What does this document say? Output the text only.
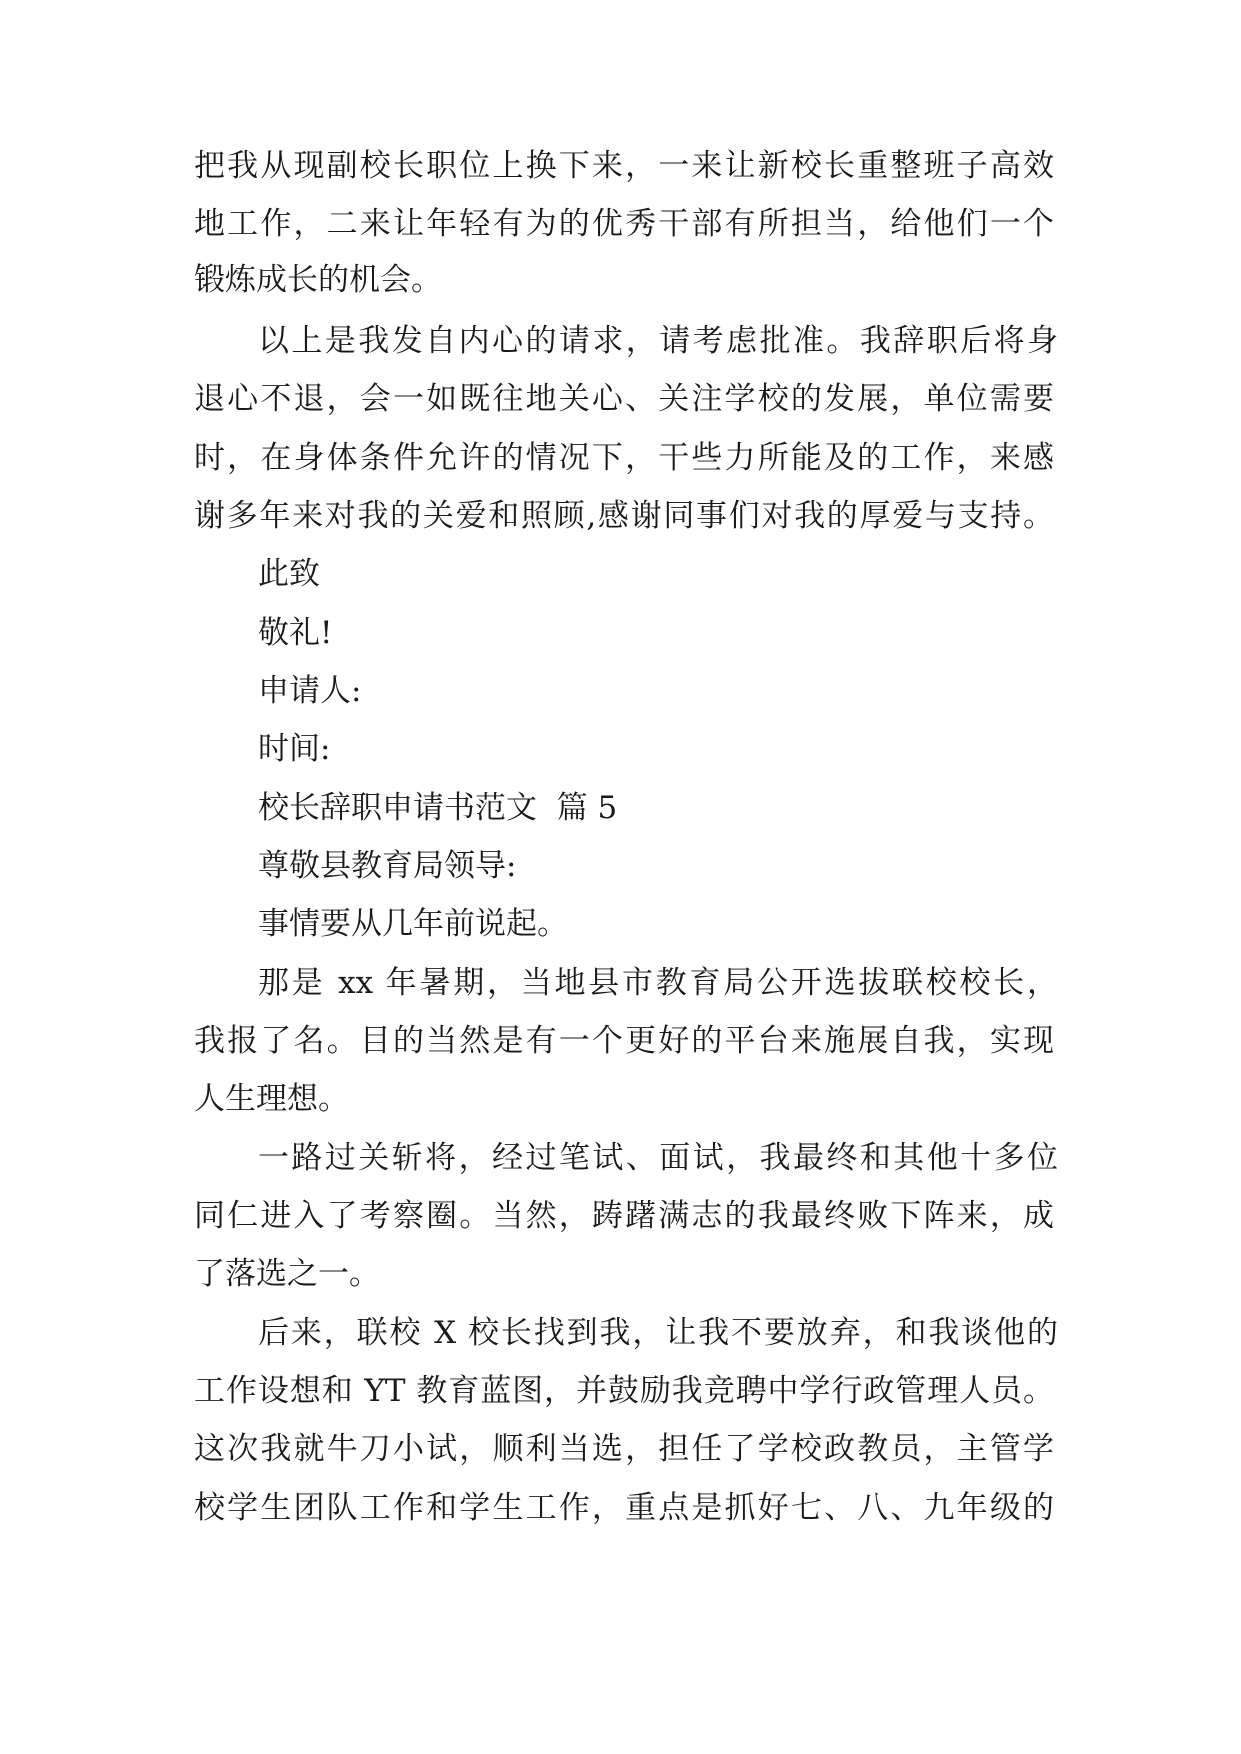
把我从现副校长职位上换下来，一来让新校长重整班子高效
地工作，二来让年轻有为的优秀干部有所担当，给他们一个
锻炼成长的机会。
以上是我发自内心的请求，请考虑批准。我辞职后将身
退心不退，会一如既往地关心、关注学校的发展，单位需要
时，在身体条件允许的情况下，干些力所能及的工作，来感
谢多年来对我的关爱和照顾,感谢同事们对我的厚爱与支持。
此致
敬礼!
申请人:
时间:
校长辞职申请书范文  篇 5
尊敬县教育局领导:
事情要从几年前说起。
那是 xx 年暑期，当地县市教育局公开选拔联校校长，
我报了名。目的当然是有一个更好的平台来施展自我，实现
人生理想。
一路过关斩将，经过笔试、面试，我最终和其他十多位
同仁进入了考察圈。当然，踌躇满志的我最终败下阵来，成
了落选之一。
后来，联校 X 校长找到我，让我不要放弃，和我谈他的
工作设想和 YT 教育蓝图，并鼓励我竞聘中学行政管理人员。
这次我就牛刀小试，顺利当选，担任了学校政教员，主管学
校学生团队工作和学生工作，重点是抓好七、八、九年级的
